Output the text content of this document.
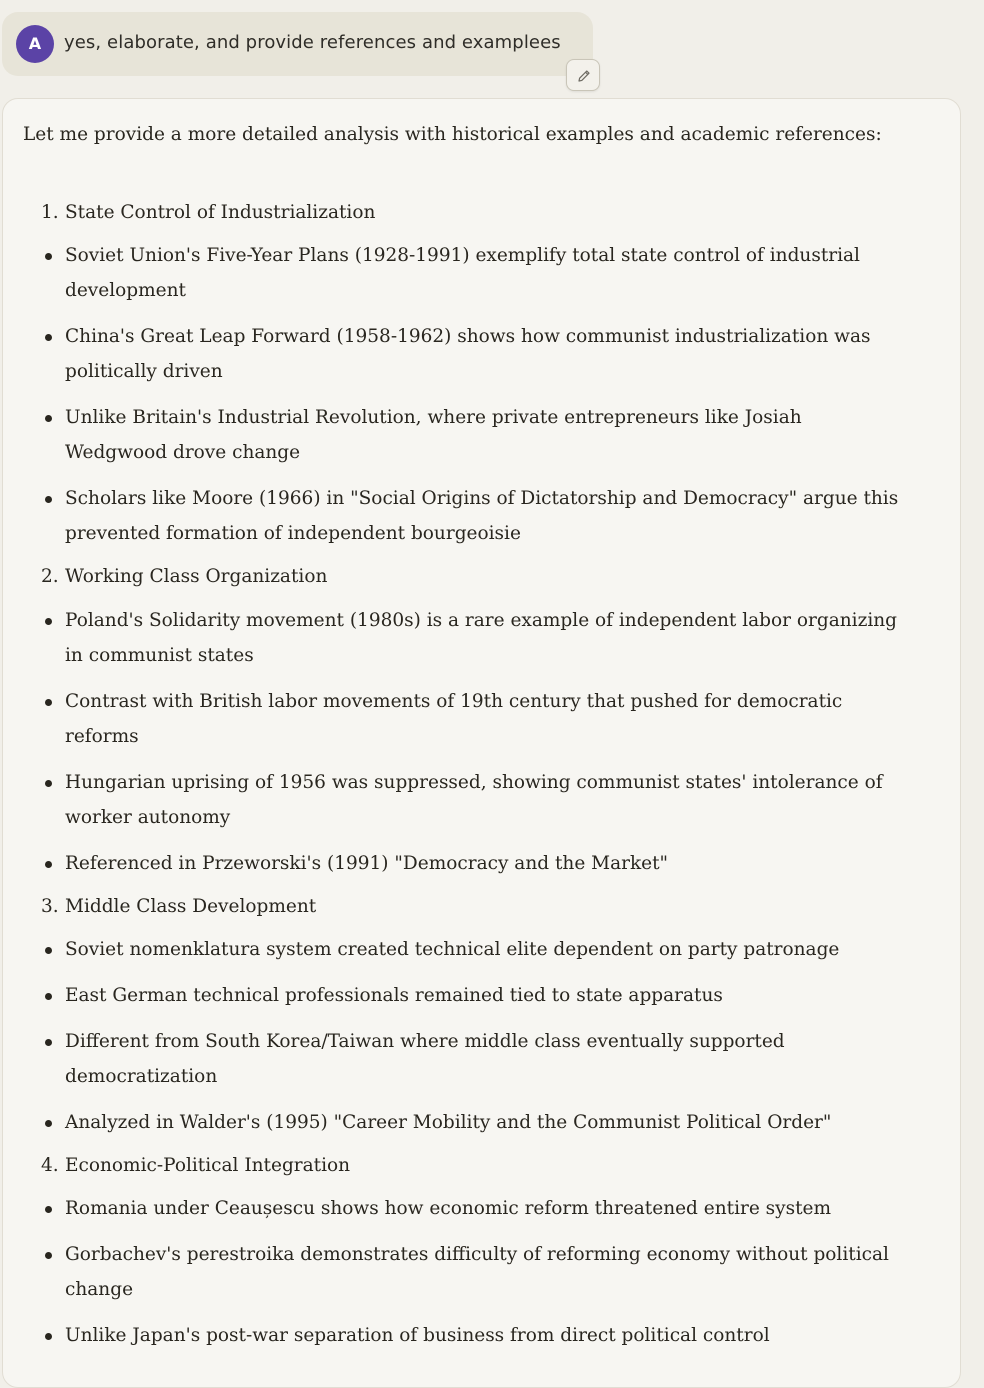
A	yes, elaborate, and provide references and examplees

Let me provide a more detailed analysis with historical examples and academic references:

1. State Control of Industrialization
Soviet Union's Five-Year Plans (1928-1991) exemplify total state control of industrial development
China's Great Leap Forward (1958-1962) shows how communist industrialization was politically driven
Unlike Britain's Industrial Revolution, where private entrepreneurs like Josiah Wedgwood drove change
Scholars like Moore (1966) in "Social Origins of Dictatorship and Democracy" argue this prevented formation of independent bourgeoisie
2. Working Class Organization
Poland's Solidarity movement (1980s) is a rare example of independent labor organizing in communist states
Contrast with British labor movements of 19th century that pushed for democratic reforms
Hungarian uprising of 1956 was suppressed, showing communist states' intolerance of worker autonomy
Referenced in Przeworski's (1991) "Democracy and the Market"
3. Middle Class Development
Soviet nomenklatura system created technical elite dependent on party patronage
East German technical professionals remained tied to state apparatus
Different from South Korea/Taiwan where middle class eventually supported democratization
Analyzed in Walder's (1995) "Career Mobility and the Communist Political Order"
4. Economic-Political Integration
Romania under Ceaușescu shows how economic reform threatened entire system
Gorbachev's perestroika demonstrates difficulty of reforming economy without political change
Unlike Japan's post-war separation of business from direct political control
